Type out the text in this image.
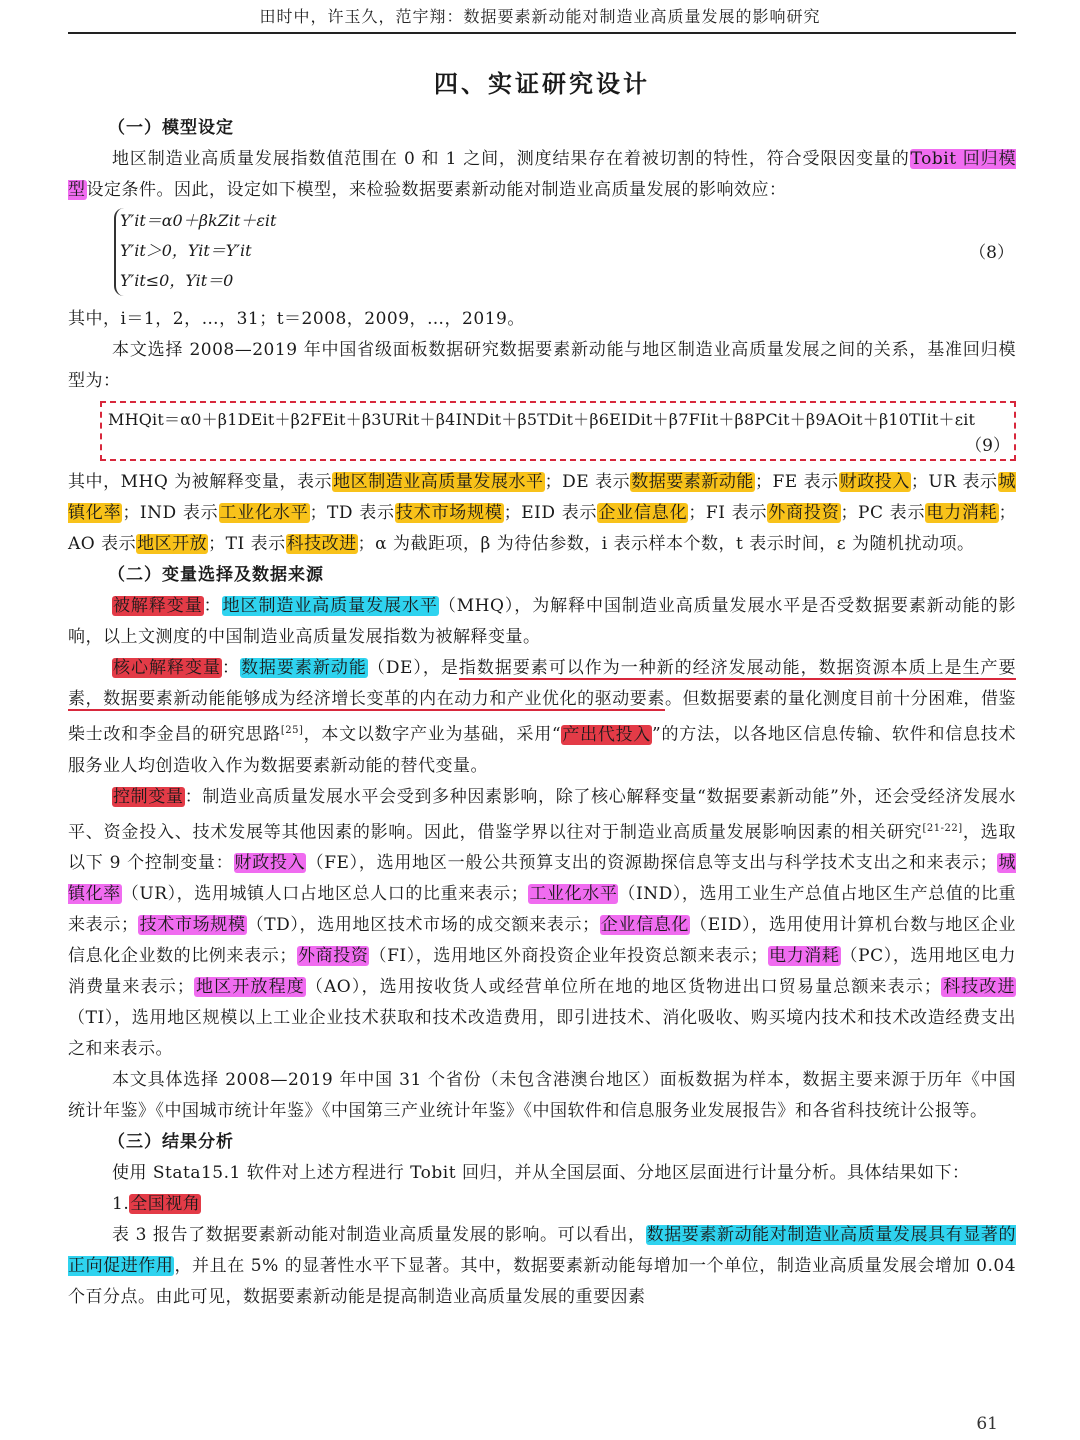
田时中，许玉久，范宇翔：数据要素新动能对制造业高质量发展的影响研究
四、实证研究设计
（一）模型设定

地区制造业高质量发展指数值范围在 0 和 1 之间，测度结果存在着被切割的特性，符合受限因变量的Tobit 回归模型设定条件。因此，设定如下模型，来检验数据要素新动能对制造业高质量发展的影响效应：

Y′it＝α0＋βkZit＋εit
Y′it＞0，Yit＝Y′it
Y′it≤0，Yit＝0
（8）

其中，i＝1，2，…，31；t＝2008，2009，…，2019。

本文选择 2008—2019 年中国省级面板数据研究数据要素新动能与地区制造业高质量发展之间的关系，基准回归模型为：

MHQit＝α0＋β1DEit＋β2FEit＋β3URit＋β4INDit＋β5TDit＋β6EIDit＋β7FIit＋β8PCit＋β9AOit＋β10TIit＋εit
（9）

其中，MHQ 为被解释变量，表示地区制造业高质量发展水平；DE 表示数据要素新动能；FE 表示财政投入；UR 表示城镇化率；IND 表示工业化水平；TD 表示技术市场规模；EID 表示企业信息化；FI 表示外商投资；PC 表示电力消耗；AO 表示地区开放；TI 表示科技改进；α 为截距项，β 为待估参数，i 表示样本个数，t 表示时间，ε 为随机扰动项。

（二）变量选择及数据来源

被解释变量：地区制造业高质量发展水平（MHQ），为解释中国制造业高质量发展水平是否受数据要素新动能的影响，以上文测度的中国制造业高质量发展指数为被解释变量。

核心解释变量：数据要素新动能（DE），是指数据要素可以作为一种新的经济发展动能，数据资源本质上是生产要素，数据要素新动能能够成为经济增长变革的内在动力和产业优化的驱动要素。但数据要素的量化测度目前十分困难，借鉴柴士改和李金昌的研究思路[25]，本文以数字产业为基础，采用“产出代投入”的方法，以各地区信息传输、软件和信息技术服务业人均创造收入作为数据要素新动能的替代变量。

控制变量：制造业高质量发展水平会受到多种因素影响，除了核心解释变量“数据要素新动能”外，还会受经济发展水平、资金投入、技术发展等其他因素的影响。因此，借鉴学界以往对于制造业高质量发展影响因素的相关研究[21-22]，选取以下 9 个控制变量：财政投入（FE），选用地区一般公共预算支出的资源勘探信息等支出与科学技术支出之和来表示；城镇化率（UR），选用城镇人口占地区总人口的比重来表示；工业化水平（IND），选用工业生产总值占地区生产总值的比重来表示；技术市场规模（TD），选用地区技术市场的成交额来表示；企业信息化（EID），选用使用计算机台数与地区企业信息化企业数的比例来表示；外商投资（FI），选用地区外商投资企业年投资总额来表示；电力消耗（PC），选用地区电力消费量来表示；地区开放程度（AO），选用按收货人或经营单位所在地的地区货物进出口贸易量总额来表示；科技改进（TI），选用地区规模以上工业企业技术获取和技术改造费用，即引进技术、消化吸收、购买境内技术和技术改造经费支出之和来表示。

本文具体选择 2008—2019 年中国 31 个省份（未包含港澳台地区）面板数据为样本，数据主要来源于历年《中国统计年鉴》《中国城市统计年鉴》《中国第三产业统计年鉴》《中国软件和信息服务业发展报告》和各省科技统计公报等。

（三）结果分析

使用 Stata15.1 软件对上述方程进行 Tobit 回归，并从全国层面、分地区层面进行计量分析。具体结果如下：

1.全国视角

表 3 报告了数据要素新动能对制造业高质量发展的影响。可以看出，数据要素新动能对制造业高质量发展具有显著的正向促进作用，并且在 5% 的显著性水平下显著。其中，数据要素新动能每增加一个单位，制造业高质量发展会增加 0.04 个百分点。由此可见，数据要素新动能是提高制造业高质量发展的重要因素

61
